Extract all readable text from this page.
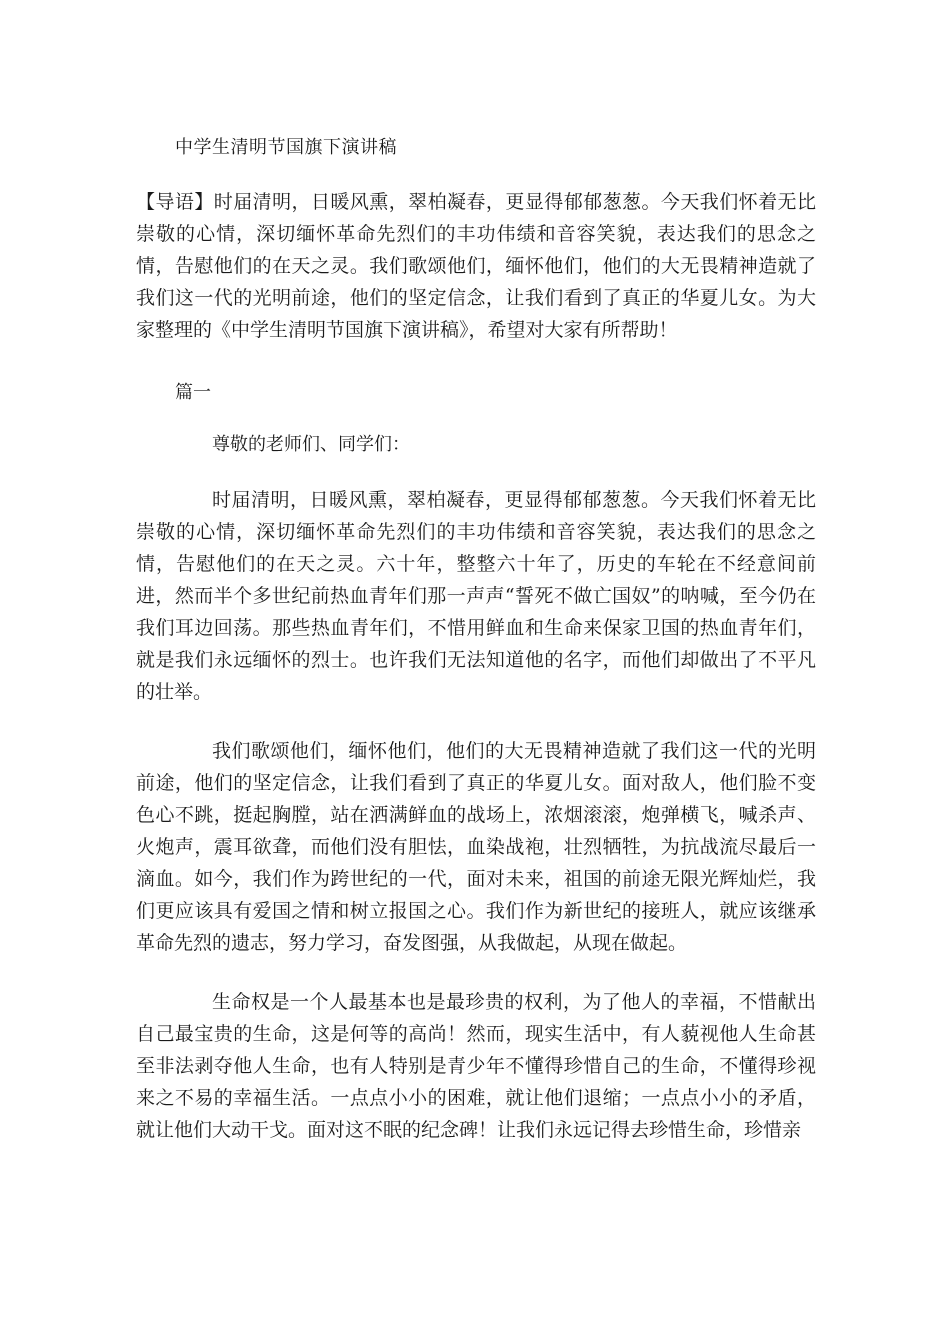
中学生清明节国旗下演讲稿

【导语】时届清明，日暖风熏，翠柏凝春，更显得郁郁葱葱。今天我们怀着无比崇敬的心情，深切缅怀革命先烈们的丰功伟绩和音容笑貌，表达我们的思念之情，告慰他们的在天之灵。我们歌颂他们，缅怀他们，他们的大无畏精神造就了我们这一代的光明前途，他们的坚定信念，让我们看到了真正的华夏儿女。为大家整理的《中学生清明节国旗下演讲稿》，希望对大家有所帮助！

篇一
尊敬的老师们、同学们：

时届清明，日暖风熏，翠柏凝春，更显得郁郁葱葱。今天我们怀着无比崇敬的心情，深切缅怀革命先烈们的丰功伟绩和音容笑貌，表达我们的思念之情，告慰他们的在天之灵。六十年，整整六十年了，历史的车轮在不经意间前进，然而半个多世纪前热血青年们那一声声“誓死不做亡国奴”的呐喊，至今仍在我们耳边回荡。那些热血青年们，不惜用鲜血和生命来保家卫国的热血青年们，就是我们永远缅怀的烈士。也许我们无法知道他的名字，而他们却做出了不平凡的壮举。

我们歌颂他们，缅怀他们，他们的大无畏精神造就了我们这一代的光明前途，他们的坚定信念，让我们看到了真正的华夏儿女。面对敌人，他们脸不变色心不跳，挺起胸膛，站在洒满鲜血的战场上，浓烟滚滚，炮弹横飞，喊杀声、火炮声，震耳欲聋，而他们没有胆怯，血染战袍，壮烈牺牲，为抗战流尽最后一滴血。如今，我们作为跨世纪的一代，面对未来，祖国的前途无限光辉灿烂，我们更应该具有爱国之情和树立报国之心。我们作为新世纪的接班人，就应该继承革命先烈的遗志，努力学习，奋发图强，从我做起，从现在做起。

生命权是一个人最基本也是最珍贵的权利，为了他人的幸福，不惜献出自己最宝贵的生命，这是何等的高尚！然而，现实生活中，有人藐视他人生命甚至非法剥夺他人生命，也有人特别是青少年不懂得珍惜自己的生命，不懂得珍视来之不易的幸福生活。一点点小小的困难，就让他们退缩；一点点小小的矛盾，就让他们大动干戈。面对这不眠的纪念碑！让我们永远记得去珍惜生命，珍惜亲
